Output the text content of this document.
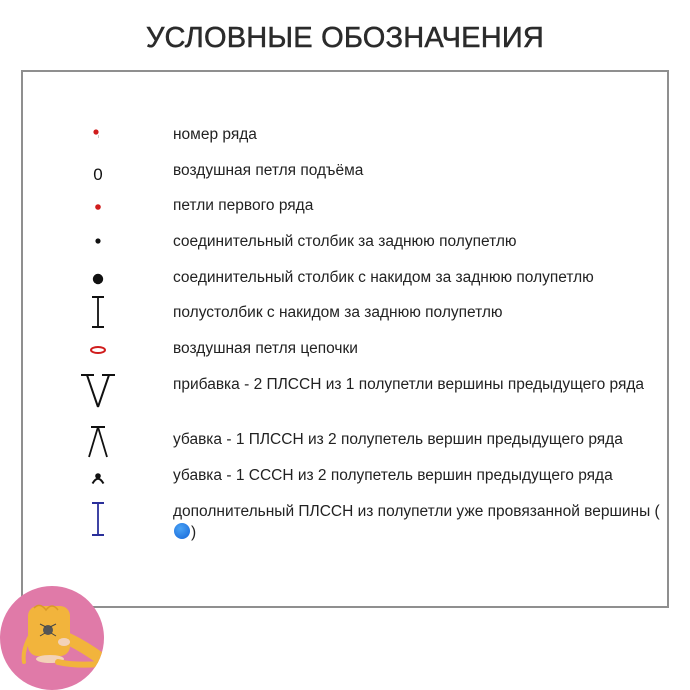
УСЛОВНЫЕ ОБОЗНАЧЕНИЯ
номер ряда
0	воздушная петля подъёма
петли первого ряда
соединительный столбик за заднюю полупетлю
соединительный столбик с накидом за заднюю полупетлю
полустолбик с накидом за заднюю полупетлю
воздушная петля цепочки
прибавка - 2 ПЛССН из 1 полупетли вершины предыдущего ряда
убавка - 1 ПЛССН из 2 полупетель вершин предыдущего ряда
убавка - 1 СССН из 2 полупетель вершин предыдущего ряда
дополнительный ПЛССН из полупетли уже провязанной вершины ()
